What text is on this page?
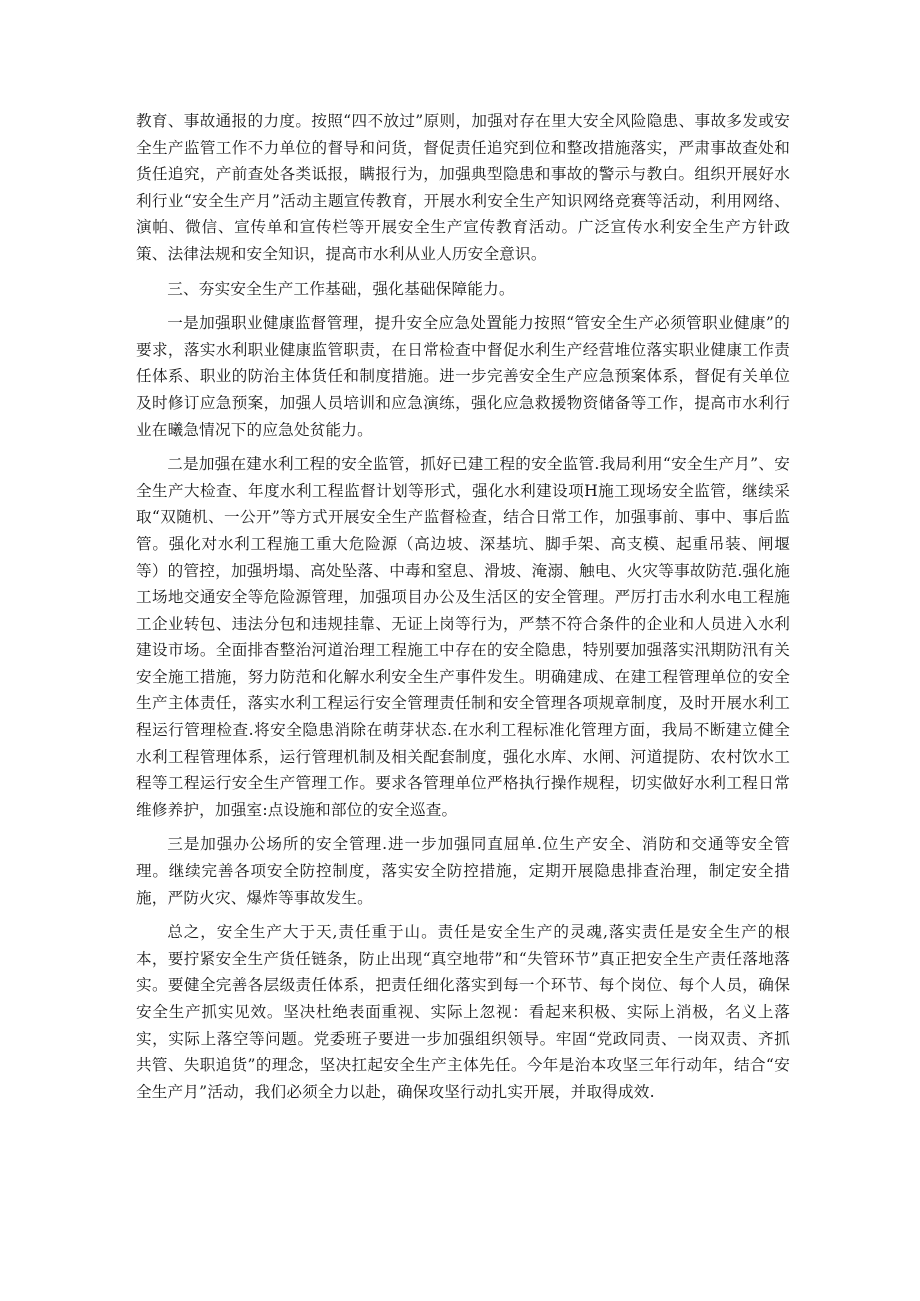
教育、事故通报的力度。按照“四不放过”原则，加强对存在里大安全风险隐患、事故多发或安全生产监管工作不力单位的督导和问货，督促责任追究到位和整改措施落实，严肃事故查处和货任追究，产前查处各类诋报，瞒报行为，加强典型隐患和事故的警示与教白。组织开展好水利行业“安全生产月”活动主题宣传教育，开展水利安全生产知识网络竞赛等活动，利用网络、演帕、微信、宣传单和宣传栏等开展安全生产宣传教育活动。广泛宣传水利安全生产方针政策、法律法规和安全知识，提高市水利从业人历安全意识。

三、夯实安全生产工作基础，强化基础保障能力。

一是加强职业健康监督管理，提升安全应急处置能力按照“管安全生产必须管职业健康”的要求，落实水利职业健康监管职责，在日常检查中督促水利生产经营堆位落实职业健康工作责任体系、职业的防治主体货任和制度措施。进一步完善安全生产应急预案体系，督促有关单位及时修订应急预案，加强人员培训和应急演练，强化应急救援物资储备等工作，提高市水利行业在曦急情况下的应急处贫能力。

二是加强在建水利工程的安全监管，抓好已建工程的安全监管.我局利用“安全生产月”、安全生产大检查、年度水利工程监督计划等形式，强化水利建设项H施工现场安全监管，继续采取“双随机、一公开”等方式开展安全生产监督检查，结合日常工作，加强事前、事中、事后监管。强化对水利工程施工重大危险源（高边坡、深基坑、脚手架、高支模、起重吊装、闸堰等）的管控，加强坍塌、高处坠落、中毒和窒息、滑坡、淹溺、触电、火灾等事故防范.强化施工场地交通安全等危险源管理，加强项目办公及生活区的安全管理。严厉打击水利水电工程施工企业转包、违法分包和违规挂靠、无证上岗等行为，严禁不符合条件的企业和人员进入水利建设市场。全面排杳整治河道治理工程施工中存在的安全隐患，特别要加强落实汛期防汛有关安全施工措施，努力防范和化解水利安全生产事件发生。明确建成、在建工程管理单位的安全生产主体责任，落实水利工程运行安全管理责任制和安全管理各项规章制度，及时开展水利工程运行管理检查.将安全隐患消除在萌芽状态.在水利工程标准化管理方面，我局不断建立健全水利工程管理体系，运行管理机制及相关配套制度，强化水库、水闸、河道提防、农村饮水工程等工程运行安全生产管理工作。要求各管理单位严格执行操作规程，切实做好水利工程日常维修养护，加强室:点设施和部位的安全巡查。

三是加强办公场所的安全管理.进一步加强同直屈单.位生产安全、消防和交通等安全管理。继续完善各项安全防控制度，落实安全防控措施，定期开展隐患排查治理，制定安全措施，严防火灾、爆炸等事故发生。

总之，安全生产大于天,责任重于山。责任是安全生产的灵魂,落实责任是安全生产的根本，要拧紧安全生产货任链条，防止出现“真空地带”和“失管环节”真正把安全生产责任落地落实。要健全完善各层级责任体系，把责任细化落实到每一个环节、每个岗位、每个人员，确保安全生产抓实见效。坚决杜绝表面重视、实际上忽视：看起来积极、实际上消极，名义上落实，实际上落空等问题。党委班子要进一步加强组织领导。牢固“党政同责、一岗双责、齐抓共管、失职追货”的理念，坚决扛起安全生产主体先任。今年是治本攻坚三年行动年，结合“安全生产月”活动，我们必须全力以赴，确保攻坚行动扎实开展，并取得成效.
